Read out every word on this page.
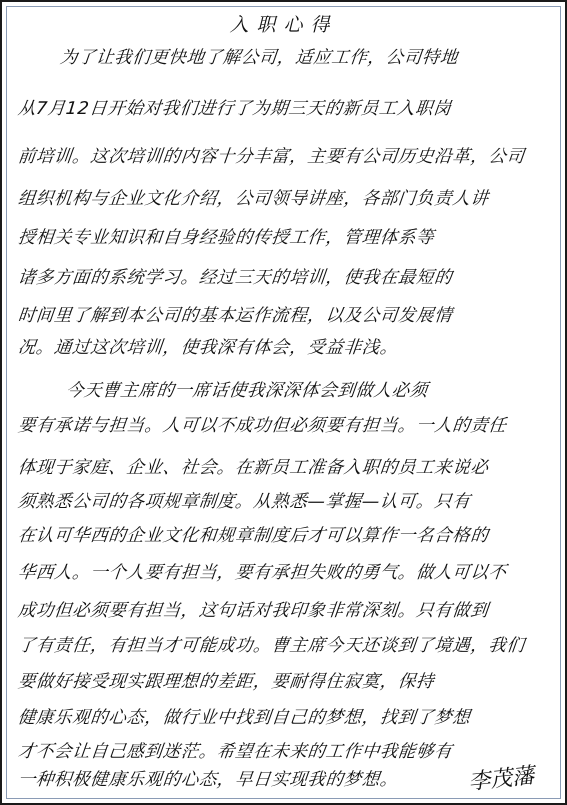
入职心得
为了让我们更快地了解公司，适应工作，公司特地
从7月12日开始对我们进行了为期三天的新员工入职岗
前培训。这次培训的内容十分丰富，主要有公司历史沿革，公司
组织机构与企业文化介绍，公司领导讲座，各部门负责人讲
授相关专业知识和自身经验的传授工作，管理体系等
诸多方面的系统学习。经过三天的培训，使我在最短的
时间里了解到本公司的基本运作流程，以及公司发展情
况。通过这次培训，使我深有体会，受益非浅。
今天曹主席的一席话使我深深体会到做人必须
要有承诺与担当。人可以不成功但必须要有担当。一人的责任
体现于家庭、企业、社会。在新员工准备入职的员工来说必
须熟悉公司的各项规章制度。从熟悉—掌握—认可。只有
在认可华西的企业文化和规章制度后才可以算作一名合格的
华西人。一个人要有担当，要有承担失败的勇气。做人可以不
成功但必须要有担当，这句话对我印象非常深刻。只有做到
了有责任，有担当才可能成功。曹主席今天还谈到了境遇，我们
要做好接受现实跟理想的差距，要耐得住寂寞，保持
健康乐观的心态，做行业中找到自己的梦想，找到了梦想
才不会让自己感到迷茫。希望在未来的工作中我能够有
一种积极健康乐观的心态，早日实现我的梦想。	李茂藩
